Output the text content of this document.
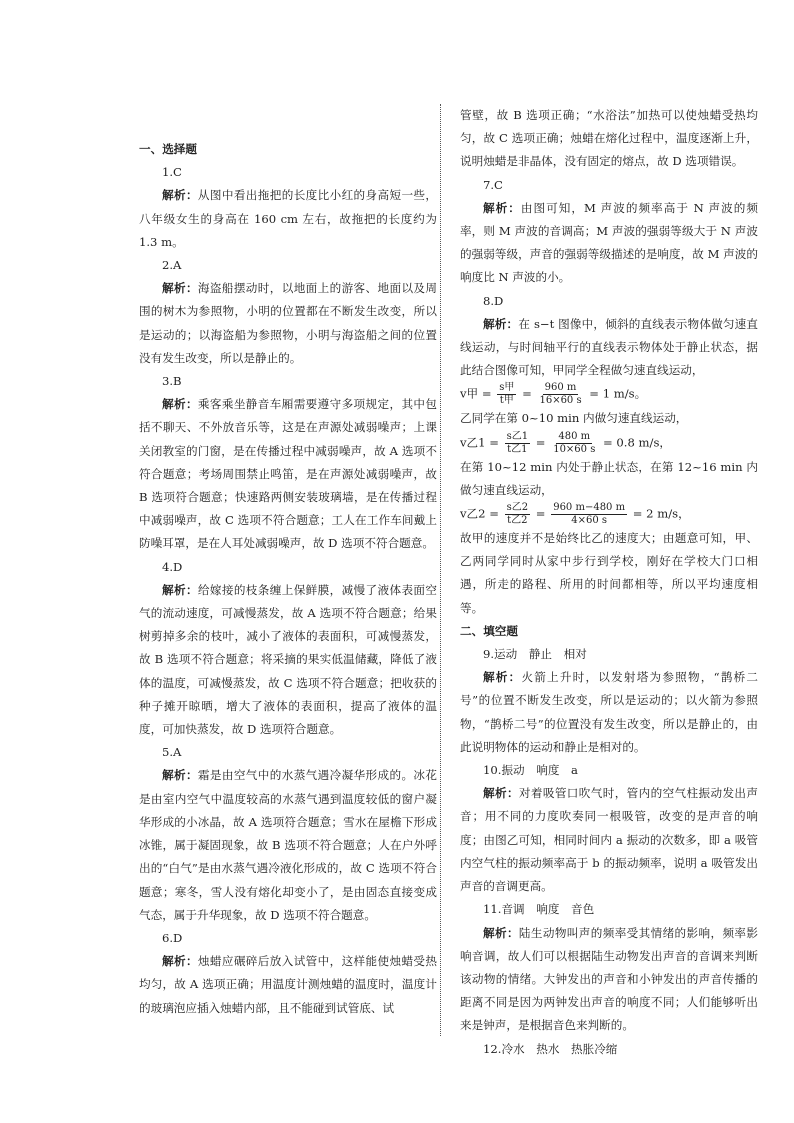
一、选择题

1.C

解析：从图中看出拖把的长度比小红的身高短一些，八年级女生的身高在 160 cm 左右，故拖把的长度约为 1.3 m。

2.A

解析：海盗船摆动时，以地面上的游客、地面以及周围的树木为参照物，小明的位置都在不断发生改变，所以是运动的；以海盗船为参照物，小明与海盗船之间的位置没有发生改变，所以是静止的。

3.B

解析：乘客乘坐静音车厢需要遵守多项规定，其中包括不聊天、不外放音乐等，这是在声源处减弱噪声；上课关闭教室的门窗，是在传播过程中减弱噪声，故 A 选项不符合题意；考场周围禁止鸣笛，是在声源处减弱噪声，故 B 选项符合题意；快速路两侧安装玻璃墙，是在传播过程中减弱噪声，故 C 选项不符合题意；工人在工作车间戴上防噪耳罩，是在人耳处减弱噪声，故 D 选项不符合题意。

4.D

解析：给嫁接的枝条缠上保鲜膜，减慢了液体表面空气的流动速度，可减慢蒸发，故 A 选项不符合题意；给果树剪掉多余的枝叶，减小了液体的表面积，可减慢蒸发，故 B 选项不符合题意；将采摘的果实低温储藏，降低了液体的温度，可减慢蒸发，故 C 选项不符合题意；把收获的种子摊开晾晒，增大了液体的表面积，提高了液体的温度，可加快蒸发，故 D 选项符合题意。

5.A

解析：霜是由空气中的水蒸气遇冷凝华形成的。冰花是由室内空气中温度较高的水蒸气遇到温度较低的窗户凝华形成的小冰晶，故 A 选项符合题意；雪水在屋檐下形成冰锥，属于凝固现象，故 B 选项不符合题意；人在户外呼出的“白气”是由水蒸气遇冷液化形成的，故 C 选项不符合题意；寒冬，雪人没有熔化却变小了，是由固态直接变成气态，属于升华现象，故 D 选项不符合题意。

6.D

解析：烛蜡应碾碎后放入试管中，这样能使烛蜡受热均匀，故 A 选项正确；用温度计测烛蜡的温度时，温度计的玻璃泡应插入烛蜡内部，且不能碰到试管底、试

管壁，故 B 选项正确；“水浴法”加热可以使烛蜡受热均匀，故 C 选项正确；烛蜡在熔化过程中，温度逐渐上升，说明烛蜡是非晶体，没有固定的熔点，故 D 选项错误。

7.C

解析：由图可知，M 声波的频率高于 N 声波的频率，则 M 声波的音调高；M 声波的强弱等级大于 N 声波的强弱等级，声音的强弱等级描述的是响度，故 M 声波的响度比 N 声波的小。

8.D

解析：在 s−t 图像中，倾斜的直线表示物体做匀速直线运动，与时间轴平行的直线表示物体处于静止状态，据此结合图像可知，甲同学全程做匀速直线运动，

v甲 = $\frac{\text{s甲}}{\text{t甲}} = \frac{960 m}{16\times 60 s} = 1$ m/s。

乙同学在第 0~10 min 内做匀速直线运动，

v乙$1 = \frac{\text{s乙1}}{\text{t乙1}} = \frac{480 m}{10\times 60 s} = 0.8$ m/s，

在第 10~12 min 内处于静止状态，在第 12~16 min 内做匀速直线运动，

v乙$2 = \frac{\text{s乙2}}{\text{t乙2}} = \frac{960 m-480 m}{4\times 60 s} = 2$ m/s，

故甲的速度并不是始终比乙的速度大；由题意可知，甲、乙两同学同时从家中步行到学校，刚好在学校大门口相遇，所走的路程、所用的时间都相等，所以平均速度相等。

二、填空题

9.运动　静止　相对

解析：火箭上升时，以发射塔为参照物，“鹊桥二号”的位置不断发生改变，所以是运动的；以火箭为参照物，“鹊桥二号”的位置没有发生改变，所以是静止的，由此说明物体的运动和静止是相对的。

10.振动　响度　a

解析：对着吸管口吹气时，管内的空气柱振动发出声音；用不同的力度吹奏同一根吸管，改变的是声音的响度；由图乙可知，相同时间内 a 振动的次数多，即 a 吸管内空气柱的振动频率高于 b 的振动频率，说明 a 吸管发出声音的音调更高。

11.音调　响度　音色

解析：陆生动物叫声的频率受其情绪的影响，频率影响音调，故人们可以根据陆生动物发出声音的音调来判断该动物的情绪。大钟发出的声音和小钟发出的声音传播的距离不同是因为两钟发出声音的响度不同；人们能够听出来是钟声，是根据音色来判断的。

12.冷水　热水　热胀冷缩
